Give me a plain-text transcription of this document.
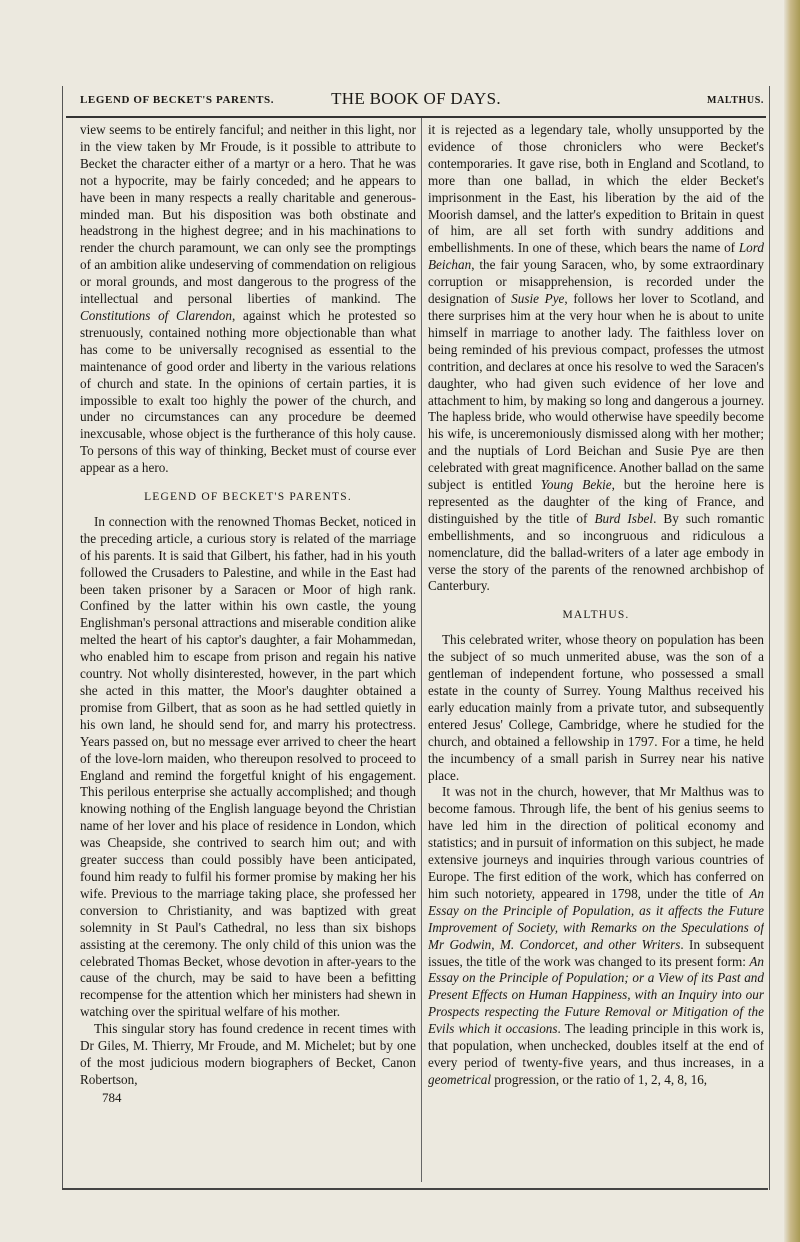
LEGEND OF BECKET'S PARENTS.	THE BOOK OF DAYS.	MALTHUS.

view seems to be entirely fanciful; and neither in this light, nor in the view taken by Mr Froude, is it possible to attribute to Becket the character either of a martyr or a hero. That he was not a hypocrite, may be fairly conceded; and he appears to have been in many respects a really charitable and generous-minded man. But his disposition was both obstinate and headstrong in the highest degree; and in his machinations to render the church paramount, we can only see the promptings of an ambition alike undeserving of commendation on religious or moral grounds, and most dangerous to the progress of the intellectual and personal liberties of mankind. The Constitutions of Clarendon, against which he protested so strenuously, contained nothing more objectionable than what has come to be universally recognised as essential to the maintenance of good order and liberty in the various relations of church and state. In the opinions of certain parties, it is impossible to exalt too highly the power of the church, and under no circumstances can any procedure be deemed inexcusable, whose object is the furtherance of this holy cause. To persons of this way of thinking, Becket must of course ever appear as a hero.

LEGEND OF BECKET'S PARENTS.

In connection with the renowned Thomas Becket, noticed in the preceding article, a curious story is related of the marriage of his parents. It is said that Gilbert, his father, had in his youth followed the Crusaders to Palestine, and while in the East had been taken prisoner by a Saracen or Moor of high rank. Confined by the latter within his own castle, the young Englishman's personal attractions and miserable condition alike melted the heart of his captor's daughter, a fair Mohammedan, who enabled him to escape from prison and regain his native country. Not wholly disinterested, however, in the part which she acted in this matter, the Moor's daughter obtained a promise from Gilbert, that as soon as he had settled quietly in his own land, he should send for, and marry his protectress. Years passed on, but no message ever arrived to cheer the heart of the love-lorn maiden, who thereupon resolved to proceed to England and remind the forgetful knight of his engagement. This perilous enterprise she actually accomplished; and though knowing nothing of the English language beyond the Christian name of her lover and his place of residence in London, which was Cheapside, she contrived to search him out; and with greater success than could possibly have been anticipated, found him ready to fulfil his former promise by making her his wife. Previous to the marriage taking place, she professed her conversion to Christianity, and was baptized with great solemnity in St Paul's Cathedral, no less than six bishops assisting at the ceremony. The only child of this union was the celebrated Thomas Becket, whose devotion in after-years to the cause of the church, may be said to have been a befitting recompense for the attention which her ministers had shewn in watching over the spiritual welfare of his mother.

This singular story has found credence in recent times with Dr Giles, M. Thierry, Mr Froude, and M. Michelet; but by one of the most judicious modern biographers of Becket, Canon Robertson,

784

it is rejected as a legendary tale, wholly unsupported by the evidence of those chroniclers who were Becket's contemporaries. It gave rise, both in England and Scotland, to more than one ballad, in which the elder Becket's imprisonment in the East, his liberation by the aid of the Moorish damsel, and the latter's expedition to Britain in quest of him, are all set forth with sundry additions and embellishments. In one of these, which bears the name of Lord Beichan, the fair young Saracen, who, by some extraordinary corruption or misapprehension, is recorded under the designation of Susie Pye, follows her lover to Scotland, and there surprises him at the very hour when he is about to unite himself in marriage to another lady. The faithless lover on being reminded of his previous compact, professes the utmost contrition, and declares at once his resolve to wed the Saracen's daughter, who had given such evidence of her love and attachment to him, by making so long and dangerous a journey. The hapless bride, who would otherwise have speedily become his wife, is unceremoniously dismissed along with her mother; and the nuptials of Lord Beichan and Susie Pye are then celebrated with great magnificence. Another ballad on the same subject is entitled Young Bekie, but the heroine here is represented as the daughter of the king of France, and distinguished by the title of Burd Isbel. By such romantic embellishments, and so incongruous and ridiculous a nomenclature, did the ballad-writers of a later age embody in verse the story of the parents of the renowned archbishop of Canterbury.

MALTHUS.

This celebrated writer, whose theory on population has been the subject of so much unmerited abuse, was the son of a gentleman of independent fortune, who possessed a small estate in the county of Surrey. Young Malthus received his early education mainly from a private tutor, and subsequently entered Jesus' College, Cambridge, where he studied for the church, and obtained a fellowship in 1797. For a time, he held the incumbency of a small parish in Surrey near his native place.

It was not in the church, however, that Mr Malthus was to become famous. Through life, the bent of his genius seems to have led him in the direction of political economy and statistics; and in pursuit of information on this subject, he made extensive journeys and inquiries through various countries of Europe. The first edition of the work, which has conferred on him such notoriety, appeared in 1798, under the title of An Essay on the Principle of Population, as it affects the Future Improvement of Society, with Remarks on the Speculations of Mr Godwin, M. Condorcet, and other Writers. In subsequent issues, the title of the work was changed to its present form: An Essay on the Principle of Population; or a View of its Past and Present Effects on Human Happiness, with an Inquiry into our Prospects respecting the Future Removal or Mitigation of the Evils which it occasions. The leading principle in this work is, that population, when unchecked, doubles itself at the end of every period of twenty-five years, and thus increases, in a geometrical progression, or the ratio of 1, 2, 4, 8, 16,
